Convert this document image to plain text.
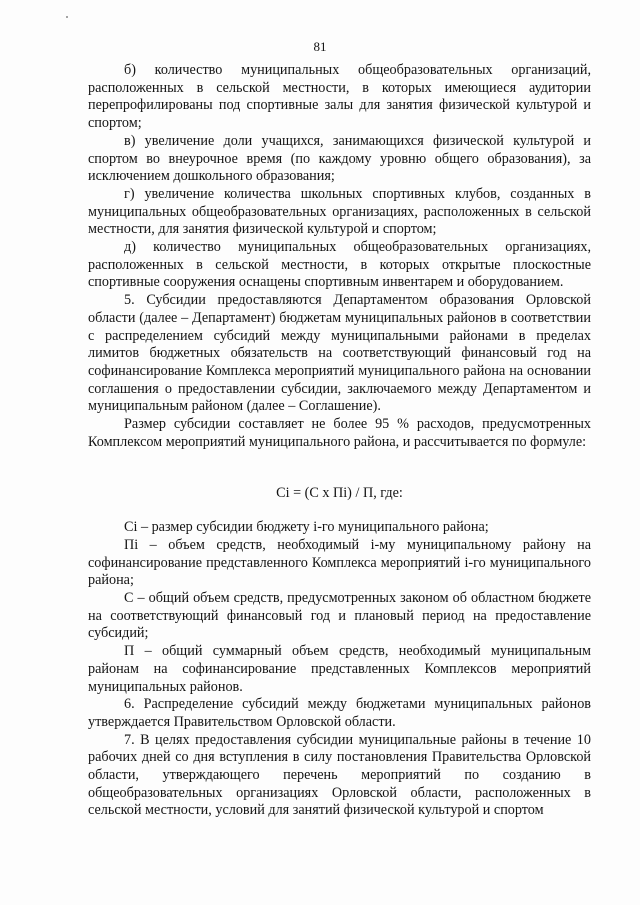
81

б) количество муниципальных общеобразовательных организаций, расположенных в сельской местности, в которых имеющиеся аудитории перепрофилированы под спортивные залы для занятия физической культурой и спортом;

в) увеличение доли учащихся, занимающихся физической культурой и спортом во внеурочное время (по каждому уровню общего образования), за исключением дошкольного образования;

г) увеличение количества школьных спортивных клубов, созданных в муниципальных общеобразовательных организациях, расположенных в сельской местности, для занятия физической культурой и спортом;

д) количество муниципальных общеобразовательных организациях, расположенных в сельской местности, в которых открытые плоскостные спортивные сооружения оснащены спортивным инвентарем и оборудованием.

5. Субсидии предоставляются Департаментом образования Орловской области (далее – Департамент) бюджетам муниципальных районов в соответствии с распределением субсидий между муниципальными районами в пределах лимитов бюджетных обязательств на соответствующий финансовый год на софинансирование Комплекса мероприятий муниципального района на основании соглашения о предоставлении субсидии, заключаемого между Департаментом и муниципальным районом (далее – Соглашение).

Размер субсидии составляет не более 95 % расходов, предусмотренных Комплексом мероприятий муниципального района, и рассчитывается по формуле:

Ci = (C x Пi) / П, где:

Ci – размер субсидии бюджету i-го муниципального района;

Пi – объем средств, необходимый i-му муниципальному району на софинансирование представленного Комплекса мероприятий i-го муниципального района;

С – общий объем средств, предусмотренных законом об областном бюджете на соответствующий финансовый год и плановый период на предоставление субсидий;

П – общий суммарный объем средств, необходимый муниципальным районам на софинансирование представленных Комплексов мероприятий муниципальных районов.

6. Распределение субсидий между бюджетами муниципальных районов утверждается Правительством Орловской области.

7. В целях предоставления субсидии муниципальные районы в течение 10 рабочих дней со дня вступления в силу постановления Правительства Орловской области, утверждающего перечень мероприятий по созданию в общеобразовательных организациях Орловской области, расположенных в сельской местности, условий для занятий физической культурой и спортом
